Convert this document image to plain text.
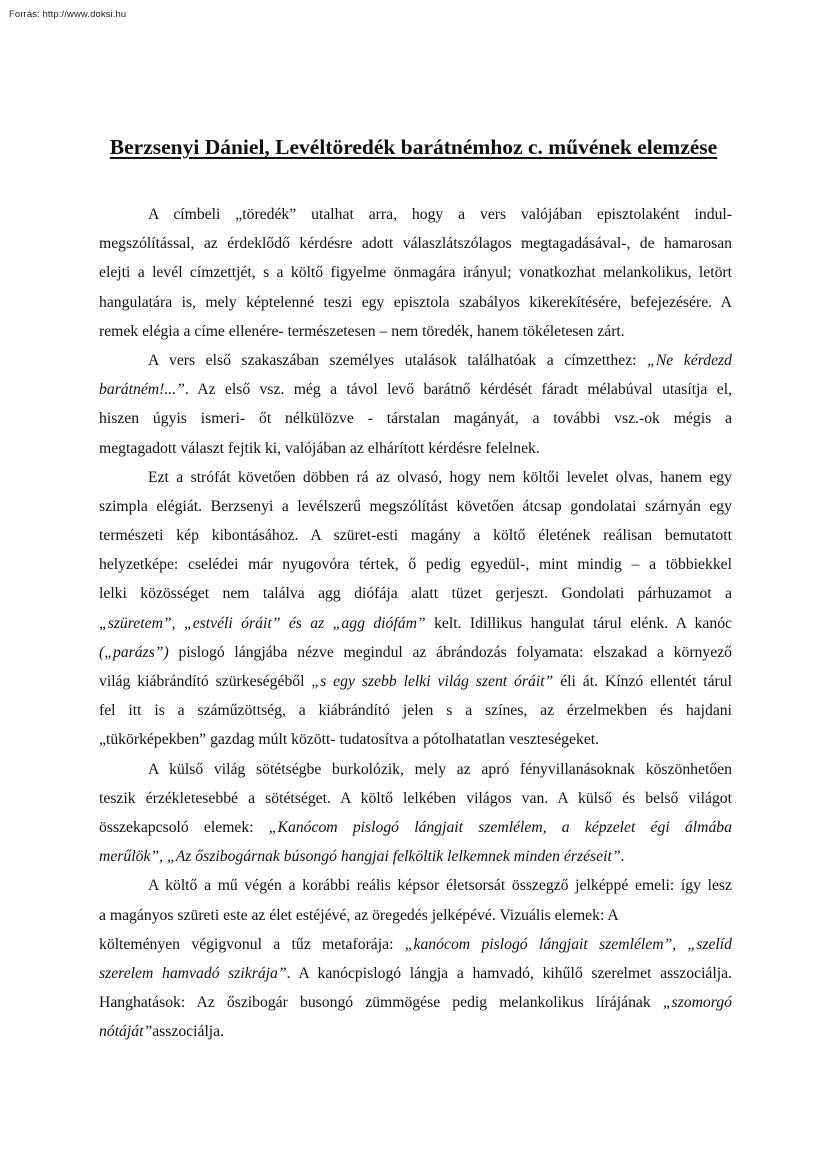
Forrás: http://www.doksi.hu
Berzsenyi Dániel, Levéltöredék barátnémhoz c. művének elemzése
A címbeli „töredék” utalhat arra, hogy a vers valójában episztolaként indul-
megszólítással, az érdeklődő kérdésre adott válaszlátszólagos megtagadásával-, de hamarosan
elejti a levél címzettjét, s a költő figyelme önmagára irányul; vonatkozhat melankolikus, letört
hangulatára is, mely képtelenné teszi egy episztola szabályos kikerekítésére, befejezésére. A
remek elégia a címe ellenére- természetesen – nem töredék, hanem tökéletesen zárt.
A vers első szakaszában személyes utalások találhatóak a címzetthez: „Ne kérdezd
barátném!...”. Az első vsz. még a távol levő barátnő kérdését fáradt mélabúval utasítja el,
hiszen úgyis ismeri- őt nélkülözve - társtalan magányát, a további vsz.-ok mégis a
megtagadott választ fejtik ki, valójában az elhárított kérdésre felelnek.
Ezt a strófát követően döbben rá az olvasó, hogy nem költői levelet olvas, hanem egy
szimpla elégiát. Berzsenyi a levélszerű megszólítást követően átcsap gondolatai szárnyán egy
természeti kép kibontásához. A szüret-esti magány a költő életének reálisan bemutatott
helyzetképe: cselédei már nyugovóra tértek, ő pedig egyedül-, mint mindig – a többiekkel
lelki közösséget nem találva agg diófája alatt tüzet gerjeszt. Gondolati párhuzamot a
„szüretem”, „estvéli óráit” és az „agg diófám” kelt. Idillikus hangulat tárul elénk. A kanóc
(„parázs”) pislogó lángjába nézve megindul az ábrándozás folyamata: elszakad a környező
világ kiábrándító szürkeségéből „s egy szebb lelki világ szent óráit” éli át. Kínzó ellentét tárul
fel itt is a száműzöttség, a kiábrándító jelen s a színes, az érzelmekben és hajdani
„tükörképekben” gazdag múlt között- tudatosítva a pótolhatatlan veszteségeket.
A külső világ sötétségbe burkolózik, mely az apró fényvillanásoknak köszönhetően
teszik érzékletesebbé a sötétséget. A költő lelkében világos van. A külső és belső világot
összekapcsoló elemek: „Kanócom pislogó lángjait szemlélem, a képzelet égi álmába
merűlök”, „Az őszibogárnak búsongó hangjai felköltik lelkemnek minden érzéseit”.
A költő a mű végén a korábbi reális képsor életsorsát összegző jelképpé emeli: így lesz
a magányos szüreti este az élet estéjévé, az öregedés jelképévé. Vizuális elemek: A
költeményen végigvonul a tűz metaforája: „kanócom pislogó lángjait szemlélem”, „szelíd
szerelem hamvadó szikrája”. A kanócpislogó lángja a hamvadó, kihűlő szerelmet asszociálja.
Hanghatások: Az őszibogár busongó zümmögése pedig melankolikus lírájának „szomorgó
nótáját”asszociálja.
